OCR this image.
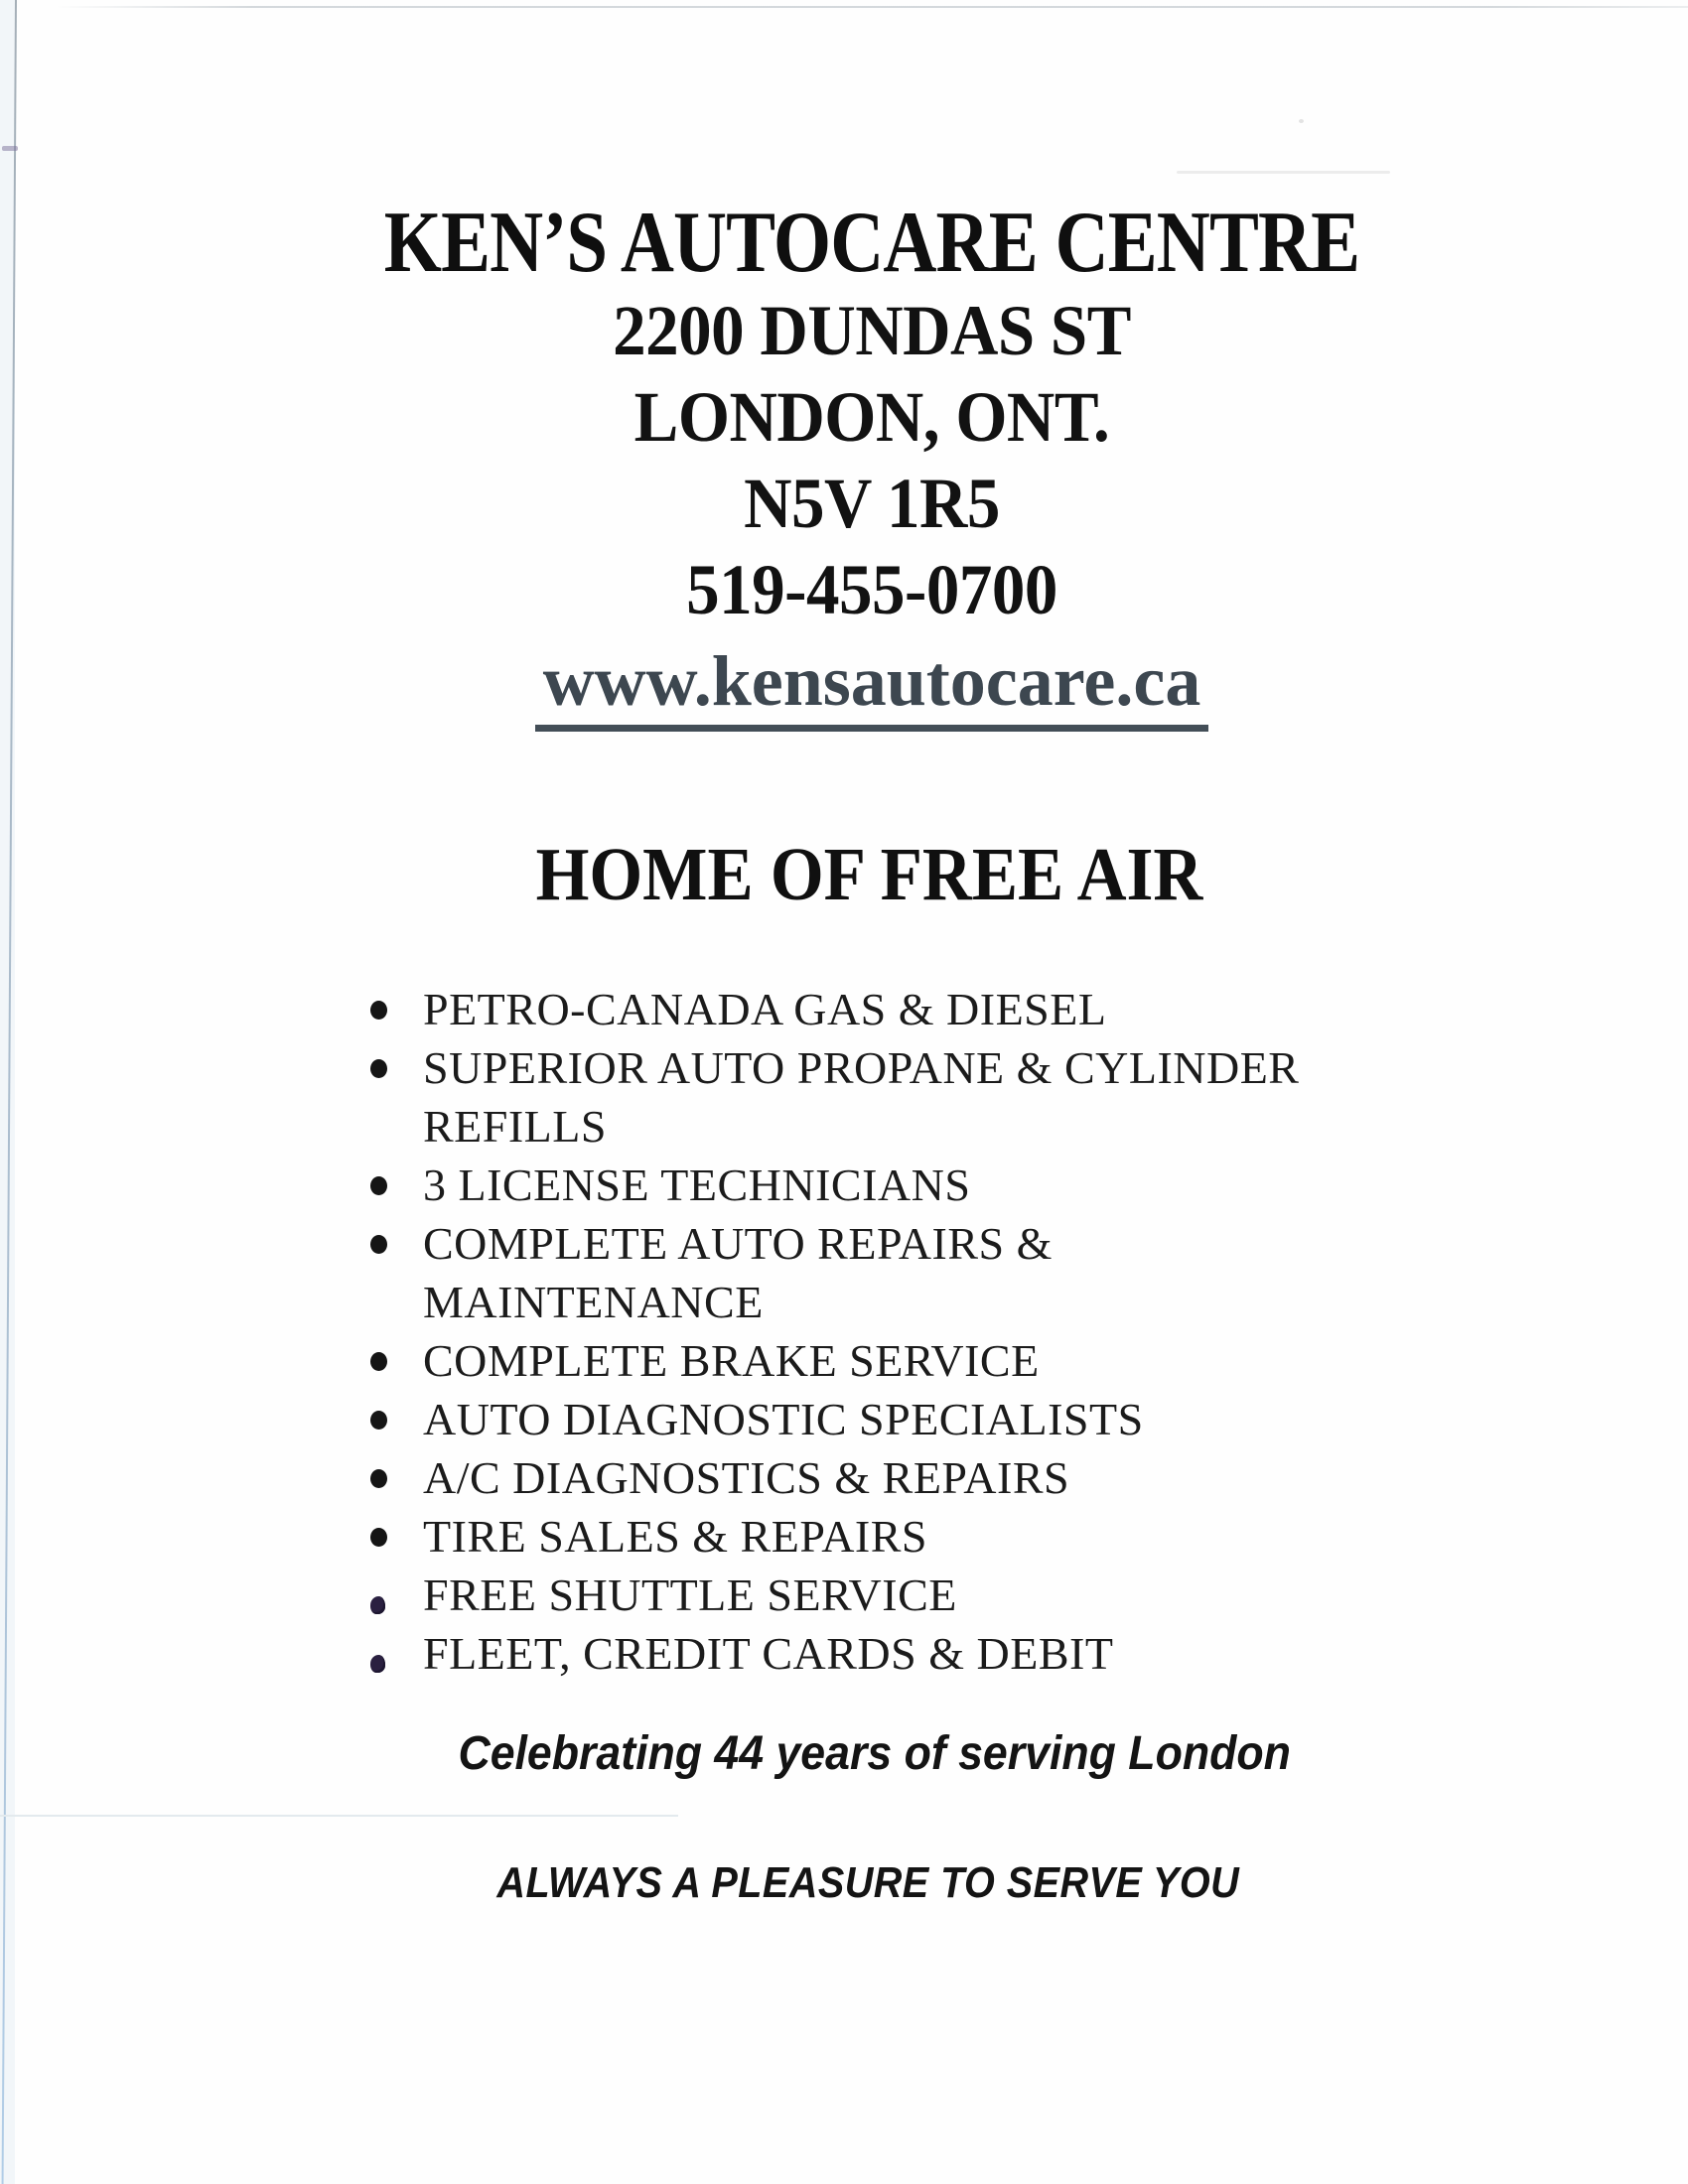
KEN’S AUTOCARE CENTRE
2200 DUNDAS ST
LONDON, ONT.
N5V 1R5
519-455-0700
www.kensautocare.ca
HOME OF FREE AIR
PETRO-CANADA GAS & DIESEL
SUPERIOR AUTO PROPANE & CYLINDER
REFILLS
3 LICENSE TECHNICIANS
COMPLETE AUTO REPAIRS &
MAINTENANCE
COMPLETE BRAKE SERVICE
AUTO DIAGNOSTIC SPECIALISTS
A/C DIAGNOSTICS & REPAIRS
TIRE SALES & REPAIRS
FREE SHUTTLE SERVICE
FLEET, CREDIT CARDS & DEBIT
Celebrating 44 years of serving London
ALWAYS A PLEASURE TO SERVE YOU
